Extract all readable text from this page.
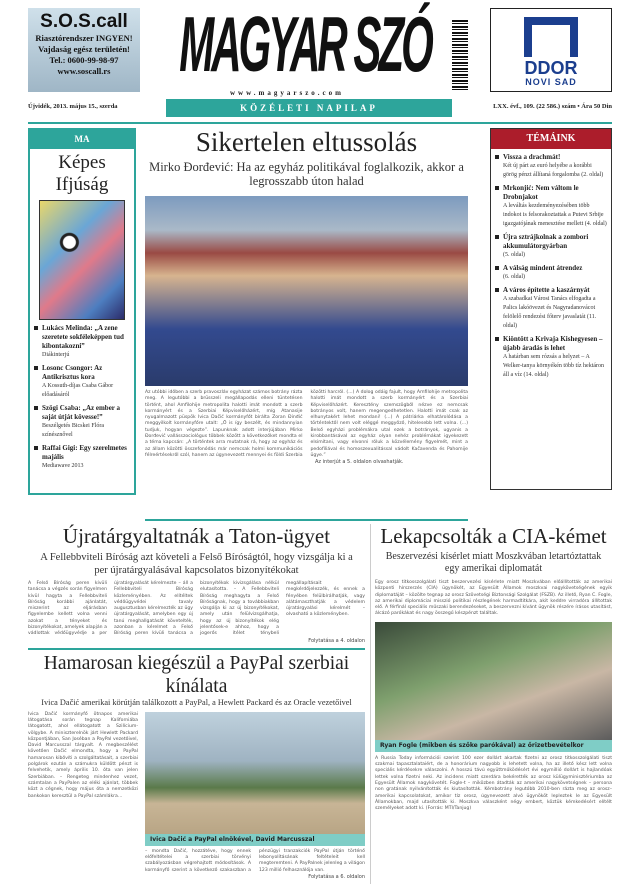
S.O.S.call
Riasztórendszer INGYEN!
Vajdaság egész területén!
Tel.: 0600-99-98-97
www.soscall.rs	MAGYAR SZÓ
www.magyarszo.com
DDOR
NOVI SAD
Újvidék, 2013. május 15., szerda	KÖZÉLETI NAPILAP	LXX. évf., 109. (22 586.) szám • Ára 50 Din
MA
Képes Ifjúság
Lukács Melinda: „A zene szeretete sokféleképpen tud kibontakozni”
Diákinterjú
Losonc Csongor: Az Antikrisztus kora
A Kossuth-díjas Csaba Gábor előadásáról
Szögi Csaba: „Az ember a saját útját kövesse!”
Beszélgetés Bicskei Flóra színésznővel
Raffai Gigi: Egy szerelmetes majális
Mediawave 2013
TÉMÁINK
Vissza a drachmát!
Két új párt az euró helyébe a korábbi görög pénzt állítaná forgalomba (2. oldal)
Mrkonjić: Nem váltom le Drobnjakot
A leváltás kezdeményezésében több indokot is felsorakoztattak a Putevi Srbije igazgatójának menesztése mellett (4. oldal)
Újra sztrájkolnak a zombori akkumulátorgyárban
(5. oldal)
A válság mindent átrendez
(6. oldal)
A város építette a kaszárnyát
A szabadkai Városi Tanács elfogadta a Palics lakóövezet és Nagyradanovácot felölelő rendezési főterv javaslatát (11. oldal)
Kiöntött a Krivaja Kishegyesen – újabb áradás is lehet
A határban sem rózsás a helyzet – A Welker-tanya környékén több tíz hektáron áll a víz (14. oldal)
Sikertelen eltussolás
Mirko Đorđević: Ha az egyház politikával foglalkozik, akkor a legrosszabb úton halad
Az utóbbi időben a szerb pravoszláv egyházat számos botrány rázta meg. A legutóbbi a brüsszeli megállapodás elleni tüntetésen történt, ahol Amfilohije metropolita halotti imát mondott a szerb kormányért és a Szerbiai Képviselőházért, míg Atanasije nyugalmazott püspök Ivica Dačić kormányfőt bírálta Zoran Đinđić meggyilkolt kormányfőre utalt: „Ő is így beszélt, és mindannyian tudjuk, hogyan végezte”. Lapunknak adott interjújában Mirko Đorđević vallásszociológus többek között a következőket mondta el a téma kapcsán: „A történtek arra mutatnak rá, hogy az egyház és az állam közötti összefonódás már nemcsak holmi kommunikációs félreértésekről szól, hanem az úgynevezett mennyei és földi Szerbia közötti harcról. (...) A dolog odáig fajult, hogy Amfilohije metropolita halotti imát mondott a szerb kormányért és a Szerbiai Képviselőházért. Keresztény szemszögből nézve ez nemcsak botrányos volt, hanem megengedhetetlen. Halotti imát csak az elhunytakért lehet mondani! (...) A pátriárka elhatárolódása a történtektől nem volt eléggé meggyőző, hitelesebb lett volna. (...) Belső egyházi problémákra utal ezek a botrányok, ugyanis a kirobbantásával az egyház olyan nehéz problémákat igyekezett elsimítani, vagy elvonni róluk a közvélemény figyelmét, mint a pedofíliával és homoszexualitással vádolt Kačavenda és Pahomije ügye.”
Az interjút a 5. oldalon olvashatják.
Újratárgyaltatnák a Taton-ügyet
A Fellebbviteli Bíróság azt követeli a Felső Bíróságtól, hogy vizsgálja ki a per újratárgyalásával kapcsolatos bizonyítékokat
A Felső Bíróság peren kívüli tanácsa a végzés során figyelmen kívül hagyta a Fellebbviteli Bíróság korábbi ajánlatát, miszerint az eljárásban figyelembe kellett volna venni azokat a tényeket és bizonyítékokat, amelyek alapján a vádlottak védőügyvédje a per újratárgyalását kérelmezte – áll a Fellebbviteli Bíróság közleményében. Az elítéltek védőügyvédei tavaly augusztusban kérelmezték az ügy újratárgyalását, amelyben egy új tanú meghallgatását követelték, azonban a kérelmet a Felső Bíróság peren kívüli tanácsa a bizonyítékok kivizsgálása nélkül elutasította. – A Fellebbviteli Bíróság meghagyta a Felső Bíróságnak, hogy a továbbiakban vizsgálja ki az új bizonyítékokat, amely után felülvizsgálhatja, hogy az új bizonyítékok elég jelentősek-e ahhoz, hogy a jogerős ítélet ténybeli megállapításait megkérdőjelezzék, és ennek a fényében felülbírálhatják, vagy alátámaszthatják a védelem újratárgyalási kérelmét – olvasható a közleményben.
Folytatása a 4. oldalon
Hamarosan kiegészül a PayPal szerbiai kínálata
Ivica Dačić amerikai körútján találkozott a PayPal, a Hewlett Packard és az Oracle vezetőivel
Ivica Dačić kormányfő ötnapos amerikai látogatása során tegnap Kaliforniába látogatott, ahol ellátogatott a Szilícium-völgybe. A miniszterelnök járt Hewlett Packard központjában, San Joséban a PayPal vezetőivel, David Marcusszal tárgyalt. A megbeszélést követően Dačić elmondta, hogy a PayPal hamarosan kibővíti a szolgáltatásait, a szerbiai polgárok ezután a számukra küldött pénzt is felvehetik, amely április 10. óta van jelen Szerbiában. – Rengeteg mindenhez vezet, számtalan a PayPalen az eléki ajánlat, többek közt a cégnek, hogy május óta a nemzetközi bankokon keresztül a PayPal számlákra…
Ivica Dačić a PayPal elnökével, David Marcusszal
– mondta Dačić, hozzátéve, hogy ennek előfeltételei a szerbiai törvényi szabályozásban végrehajtott módosítások. A kormányfő szerint a következő szakaszban a pénzügyi tranzakciók PayPal útján történő lebonyolításának feltételeit kell megteremteni. A PayPalnek jelenleg a világon 123 millió felhasználója van.
Folytatása a 6. oldalon
Lekapcsolták a CIA-kémet
Beszervezési kísérlet miatt Moszkvában letartóztattak egy amerikai diplomatát
Egy orosz titkosszolgálati tiszt beszervezési kísérlete miatt Moszkvában előállították az amerikai központi hírszerzés (CIA) ügynökét, az Egyesült Államok moszkvai nagykövetségének egyik diplomatáját – közölte tegnap az orosz Szövetségi Biztonsági Szolgálat (FSZB). Az illető, Ryan C. Fogle, az amerikai diplomáciai misszió politikai részlegének harmadtitkára, akit keddre virradóra állítottak elő. A férfinál speciális műszaki berendezéseket, a beszervezni kívánt ügynök részére írásos utasítást, álcázó parókákat és nagy összegű készpénzt találtak.
Ryan Fogle (mikben és szőke parókával) az őrizetbevételkor
A Russia Today információi szerint 100 ezer dollárt akartak fizetni az orosz titkosszolgálati tiszt szakmai tapasztalataiért, de a honorárium nagyobb is lehetett volna, ha az illető kész lett volna speciális kérdésekre válaszolni. A hosszú távú együttműködésért évi egymillió dollárt is hajlandóak lettek volna fizetni neki. Az incidens miatt szerdára bekérették az orosz külügyminisztériumba az Egyesült Államok nagykövetét. Fogle-t – miközben átadták az amerikai nagykövetségnek – persona non gratának nyilvánították és kiutasították. Kémbotrány legutóbb 2010-ben rázta meg az orosz–amerikai kapcsolatokat, amikor tíz orosz, úgynevezett alvó ügynököt lepleztek le az Egyesült Államokban, majd utasították ki. Moszkva válaszként négy embert, köztük kémkedésért elítélt személyeket adott ki. (Forrás: MTI/Tanjug)
